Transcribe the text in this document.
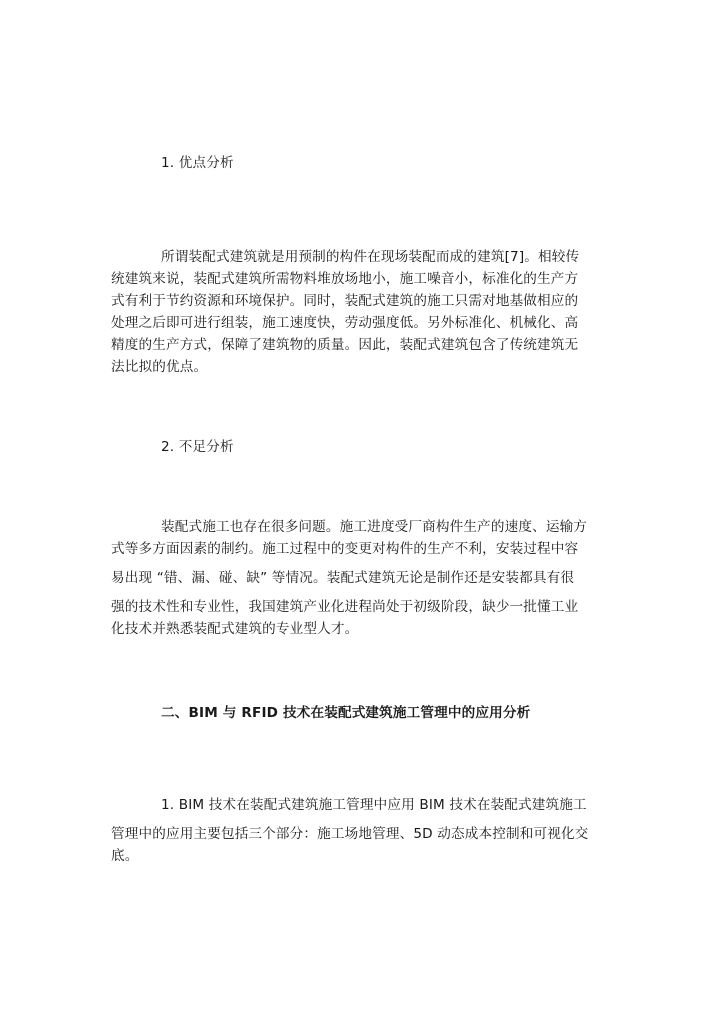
1. 优点分析
所谓装配式建筑就是用预制的构件在现场装配而成的建筑[7]。相较传
统建筑来说，装配式建筑所需物料堆放场地小，施工噪音小，标准化的生产方
式有利于节约资源和环境保护。同时，装配式建筑的施工只需对地基做相应的
处理之后即可进行组装，施工速度快，劳动强度低。另外标准化、机械化、高
精度的生产方式，保障了建筑物的质量。因此，装配式建筑包含了传统建筑无
法比拟的优点。
2. 不足分析
装配式施工也存在很多问题。施工进度受厂商构件生产的速度、运输方
式等多方面因素的制约。施工过程中的变更对构件的生产不利，安装过程中容
易出现 “错、漏、碰、缺” 等情况。装配式建筑无论是制作还是安装都具有很
强的技术性和专业性，我国建筑产业化进程尚处于初级阶段，缺少一批懂工业
化技术并熟悉装配式建筑的专业型人才。
二、BIM 与 RFID 技术在装配式建筑施工管理中的应用分析
1. BIM 技术在装配式建筑施工管理中应用 BIM 技术在装配式建筑施工
管理中的应用主要包括三个部分：施工场地管理、5D 动态成本控制和可视化交
底。
